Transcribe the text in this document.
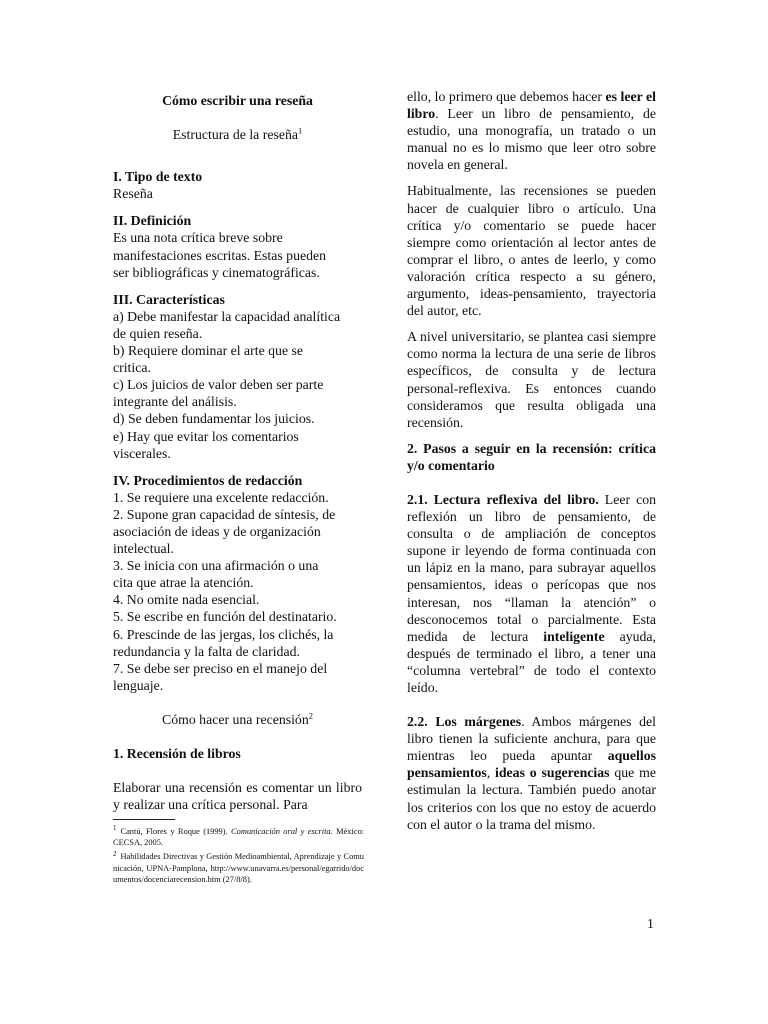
Cómo escribir una reseña

Estructura de la reseña$^1$

I. Tipo de texto

Reseña

II. Definición

Es una nota crítica breve sobre
manifestaciones escritas. Estas pueden
ser bibliográficas y cinematográficas.

III. Características

a) Debe manifestar la capacidad analítica
de quien reseña.
b) Requiere dominar el arte que se
critica.
c) Los juicios de valor deben ser parte
integrante del análisis.
d) Se deben fundamentar los juicios.
e) Hay que evitar los comentarios
viscerales.

IV. Procedimientos de redacción

1. Se requiere una excelente redacción.
2. Supone gran capacidad de síntesis, de
asociación de ideas y de organización
intelectual.
3. Se inicia con una afirmación o una
cita que atrae la atención.
4. No omite nada esencial.
5. Se escribe en función del destinatario.
6. Prescinde de las jergas, los clichés, la
redundancia y la falta de claridad.
7. Se debe ser preciso en el manejo del
lenguaje.

Cómo hacer una recensión$^2$

1. Recensión de libros

Elaborar una recensión es comentar un libro y realizar una crítica personal. Para

ello, lo primero que debemos hacer es leer el libro. Leer un libro de pensamiento, de estudio, una monografía, un tratado o un manual no es lo mismo que leer otro sobre novela en general.

Habitualmente, las recensiones se pueden hacer de cualquier libro o artículo. Una crítica y/o comentario se puede hacer siempre como orientación al lector antes de comprar el libro, o antes de leerlo, y como valoración crítica respecto a su género, argumento, ideas-pensamiento, trayectoria del autor, etc.

A nivel universitario, se plantea casi siempre como norma la lectura de una serie de libros específicos, de consulta y de lectura personal-reflexiva. Es entonces cuando consideramos que resulta obligada una recensión.

2. Pasos a seguir en la recensión: crítica y/o comentario

2.1. Lectura reflexiva del libro. Leer con reflexión un libro de pensamiento, de consulta o de ampliación de conceptos supone ir leyendo de forma continuada con un lápiz en la mano, para subrayar aquellos pensamientos, ideas o perícopas que nos interesan, nos “llaman la atención” o desconocemos total o parcialmente. Esta medida de lectura inteligente ayuda, después de terminado el libro, a tener una “columna vertebral” de todo el contexto leído.

2.2. Los márgenes. Ambos márgenes del libro tienen la suficiente anchura, para que mientras leo pueda apuntar aquellos pensamientos, ideas o sugerencias que me estimulan la lectura. También puedo anotar los criterios con los que no estoy de acuerdo con el autor o la trama del mismo.

$^1$ Cantú, Flores y Roque (1999). Comunicación oral y escrita. México: CECSA, 2005.

$^2$ Habilidades Directivas y Gestión Medioambiental, Aprendizaje y Comunicación, UPNA-Pamplona, http://www.unavarra.es/personal/egarrido/documentos/docenciarecension.htm (27/8/8).

1
